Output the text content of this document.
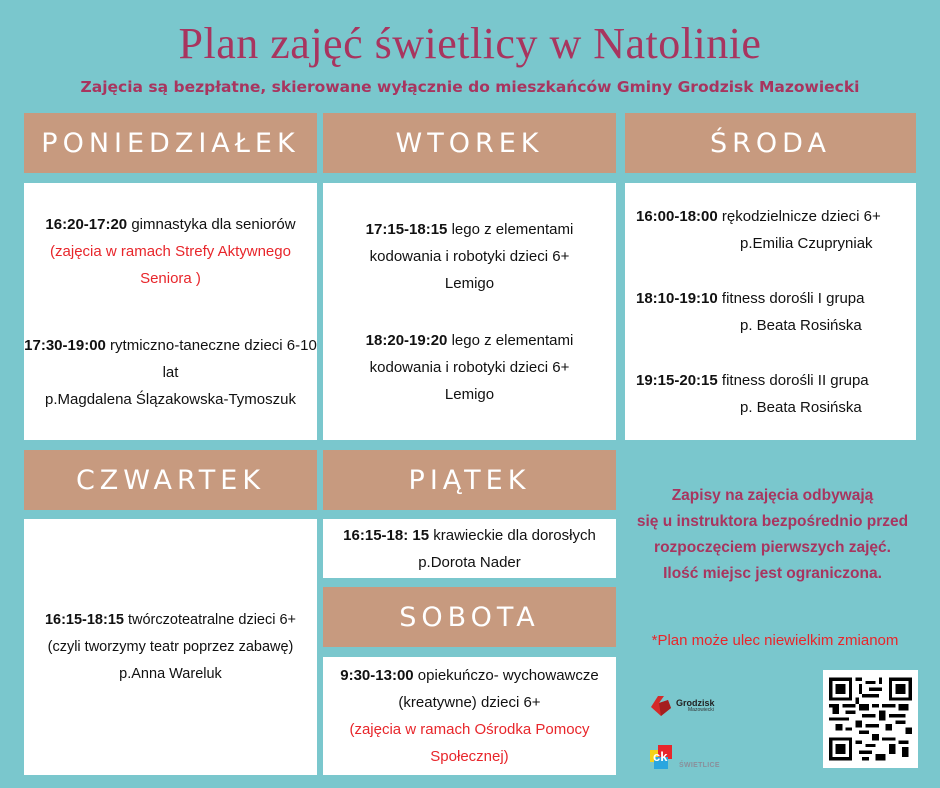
Plan zajęć świetlicy w Natolinie
Zajęcia są bezpłatne, skierowane wyłącznie do mieszkańców Gminy Grodzisk Mazowiecki
PONIEDZIAŁEK
16:20-17:20 gimnastyka dla seniorów
(zajęcia w ramach Strefy Aktywnego Seniora )
17:30-19:00 rytmiczno-taneczne dzieci 6-10 lat
p.Magdalena Ślązakowska-Tymoszuk
WTOREK
17:15-18:15 lego z elementami kodowania i robotyki dzieci 6+
Lemigo
18:20-19:20 lego z elementami kodowania i robotyki dzieci 6+
Lemigo
ŚRODA
16:00-18:00 rękodzielnicze dzieci 6+
p.Emilia Czupryniak
18:10-19:10 fitness dorośli I grupa
p. Beata Rosińska
19:15-20:15 fitness dorośli II grupa
p. Beata Rosińska
CZWARTEK
16:15-18:15 twórczoteatralne dzieci 6+ (czyli tworzymy teatr poprzez zabawę)
p.Anna Wareluk
PIĄTEK
16:15-18: 15 krawieckie dla dorosłych
p.Dorota Nader
SOBOTA
9:30-13:00 opiekuńczo- wychowawcze (kreatywne) dzieci 6+
(zajęcia w ramach Ośrodka Pomocy Społecznej)
Zapisy na zajęcia odbywają
się u instruktora bezpośrednio przed
rozpoczęciem pierwszych zajęć.
Ilość miejsc jest ograniczona.
*Plan może ulec niewielkim zmianom
Grodzisk
Mazowiecki
ck
ŚWIETLICE
